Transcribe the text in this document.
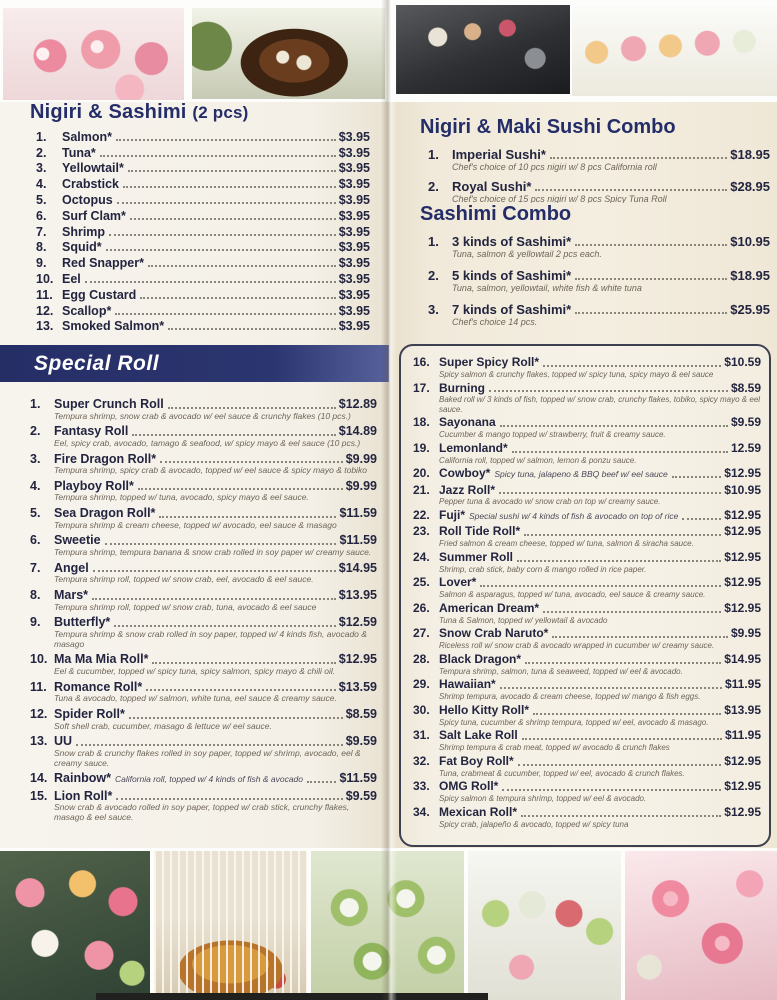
Nigiri & Sashimi (2 pcs)
1.	Salmon*	$3.95
2.	Tuna*	$3.95
3.	Yellowtail*	$3.95
4.	Crabstick	$3.95
5.	Octopus	$3.95
6.	Surf Clam*	$3.95
7.	Shrimp	$3.95
8.	Squid*	$3.95
9.	Red Snapper*	$3.95
10. Eel	$3.95
11. Egg Custard	$3.95
12. Scallop*	$3.95
13. Smoked Salmon*	$3.95
Nigiri & Maki Sushi Combo
1.	Imperial Sushi*	$18.95
Chef's choice of 10 pcs nigiri w/ 8 pcs California roll
2.	Royal Sushi*	$28.95
Chef's choice of 15 pcs nigiri w/ 8 pcs Spicy Tuna Roll
Sashimi Combo
1.	3 kinds of Sashimi*	$10.95
Tuna, salmon & yellowtail 2 pcs each.
2.	5 kinds of Sashimi*	$18.95
Tuna, salmon, yellowtail, white fish & white tuna
3.	7 kinds of Sashimi*	$25.95
Chef's choice 14 pcs.
Special Roll
1.	Super Crunch Roll	$12.89
Tempura shrimp, snow crab & avocado w/ eel sauce & crunchy flakes (10 pcs.)
2.	Fantasy Roll	$14.89
Eel, spicy crab, avocado, tamago & seafood, w/ spicy mayo & eel sauce (10 pcs.)
3.	Fire Dragon Roll*	$9.99
Tempura shrimp, spicy crab & avocado, topped w/ eel sauce & spicy mayo & tobiko
4.	Playboy Roll*	$9.99
Tempura shrimp, topped w/ tuna, avocado, spicy mayo & eel sauce.
5.	Sea Dragon Roll*	$11.59
Tempura shrimp & cream cheese, topped w/ avocado, eel sauce & masago
6.	Sweetie	$11.59
Tempura shrimp, tempura banana & snow crab rolled in soy paper w/ creamy sauce.
7.	Angel	$14.95
Tempura shrimp roll, topped w/ snow crab, eel, avocado & eel sauce.
8.	Mars*	$13.95
Tempura shrimp roll, topped w/ snow crab, tuna, avocado & eel sauce
9.	Butterfly*	$12.59
Tempura shrimp & snow crab rolled in soy paper, topped w/ 4 kinds fish, avocado & masago
10. Ma Ma Mia Roll*	$12.95
Eel & cucumber, topped w/ spicy tuna, spicy salmon, spicy mayo & chili oil.
11. Romance Roll*	$13.59
Tuna & avocado, topped w/ salmon, white tuna, eel sauce & creamy sauce.
12. Spider Roll*	$8.59
Soft shell crab, cucumber, masago & lettuce w/ eel sauce.
13. UU	$9.59
Snow crab & crunchy flakes rolled in soy paper, topped w/ shrimp, avocado, eel & creamy sauce.
14. Rainbow* California roll, topped w/ 4 kinds of fish & avocado	$11.59
15. Lion Roll*	$9.59
Snow crab & avocado rolled in soy paper, topped w/ crab stick, crunchy flakes, masago & eel sauce.
16. Super Spicy Roll*	$10.59
Spicy salmon & crunchy flakes, topped w/ spicy tuna, spicy mayo & eel sauce
17. Burning	$8.59
Baked roll w/ 3 kinds of fish, topped w/ snow crab, crunchy flakes, tobiko, spicy mayo & eel sauce.
18. Sayonana	$9.59
Cucumber & mango topped w/ strawberry, fruit & creamy sauce.
19. Lemonland*	12.59
California roll, topped w/ salmon, lemon & ponzu sauce.
20. Cowboy* Spicy tuna, jalapeno & BBQ beef w/ eel sauce	$12.95
21. Jazz Roll*	$10.95
Pepper tuna & avocado w/ snow crab on top w/ creamy sauce.
22. Fuji* Special sushi w/ 4 kinds of fish & avocado on top of rice	$12.95
23. Roll Tide Roll*	$12.95
Fried salmon & cream cheese, topped w/ tuna, salmon & siracha sauce.
24. Summer Roll	$12.95
Shrimp, crab stick, baby corn & mango rolled in rice paper.
25. Lover*	$12.95
Salmon & asparagus, topped w/ tuna, avocado, eel sauce & creamy sauce.
26. American Dream*	$12.95
Tuna & Salmon, topped w/ yellowtail & avocado
27. Snow Crab Naruto*	$9.95
Riceless roll w/ snow crab & avocado wrapped in cucumber w/ creamy sauce.
28. Black Dragon*	$14.95
Tempura shrimp, salmon, tuna & seaweed, topped w/ eel & avocado.
29. Hawaiian*	$11.95
Shrimp tempura, avocado & cream cheese, topped w/ mango & fish eggs.
30. Hello Kitty Roll*	$13.95
Spicy tuna, cucumber & shrimp tempura, topped w/ eel, avocado & masago.
31. Salt Lake Roll	$11.95
Shrimp tempura & crab meat, topped w/ avocado & crunch flakes
32. Fat Boy Roll*	$12.95
Tuna, crabmeat & cucumber, topped w/ eel, avocado & crunch flakes.
33. OMG Roll*	$12.95
Spicy salmon & tempura shrimp, topped w/ eel & avocado.
34. Mexican Roll*	$12.95
Spicy crab, jalapeño & avocado, topped w/ spicy tuna
